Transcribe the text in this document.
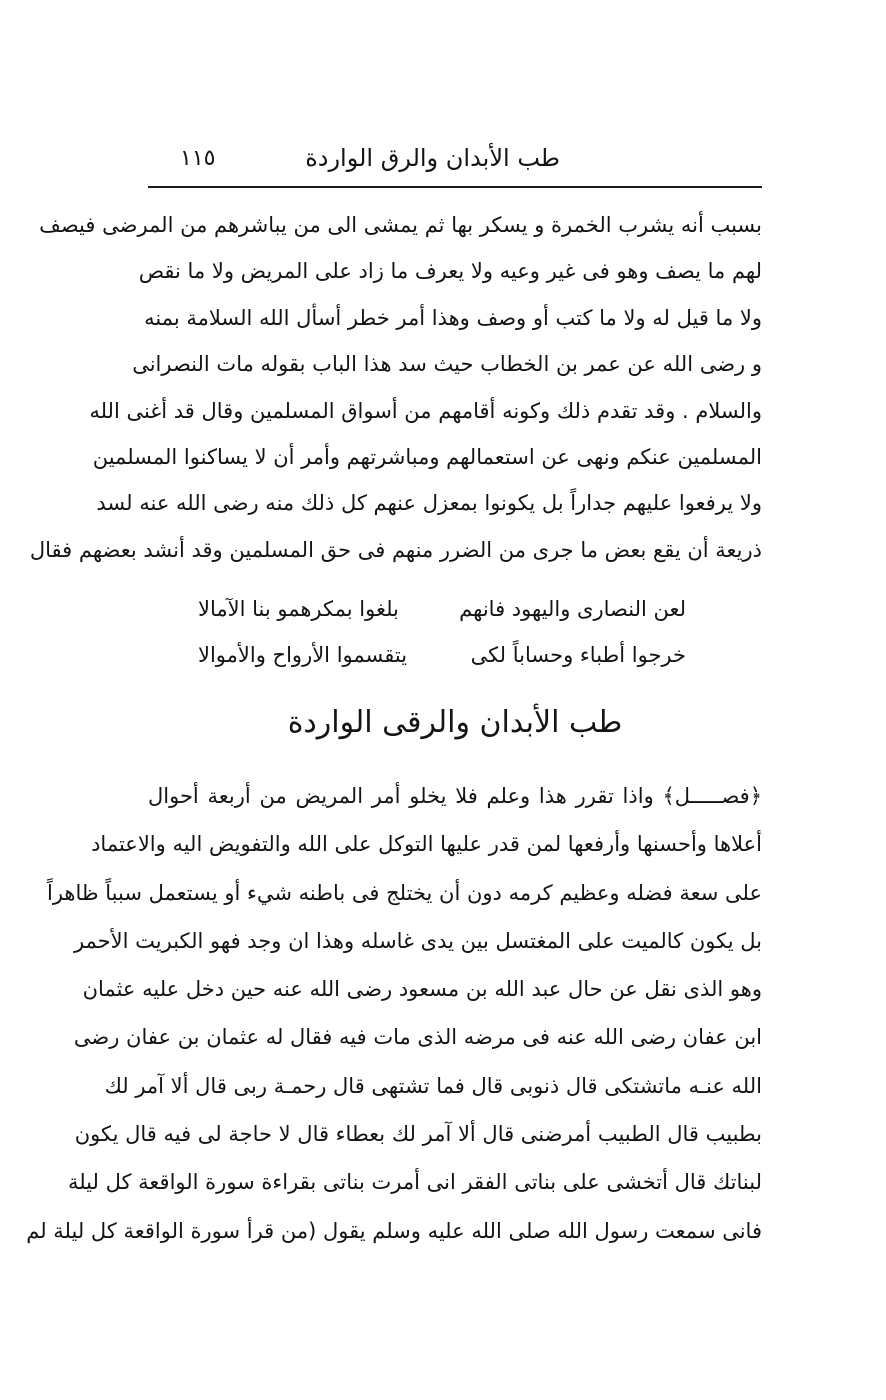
طب الأبدان والرق الواردة
١١٥
بسبب أنه يشرب الخمرة و يسكر بها ثم يمشى الى من يباشرهم من المرضى فيصف
لهم ما يصف وهو فى غير وعيه ولا يعرف ما زاد على المريض ولا ما نقص
ولا ما قيل له ولا ما كتب أو وصف وهذا أمر خطر أسأل الله السلامة بمنه
و رضى الله عن عمر بن الخطاب حيث سد هذا الباب بقوله مات النصرانى
والسلام . وقد تقدم ذلك وكونه أقامهم من أسواق المسلمين وقال قد أغنى الله
المسلمين عنكم ونهى عن استعمالهم ومباشرتهم وأمر أن لا يساكنوا المسلمين
ولا يرفعوا عليهم جداراً بل يكونوا بمعزل عنهم كل ذلك منه رضى الله عنه لسد
ذريعة أن يقع بعض ما جرى من الضرر منهم فى حق المسلمين وقد أنشد بعضهم فقال
لعن النصارى واليهود فانهم
بلغوا بمكرهمو بنا الآمالا
خرجوا أطباء وحساباً لكى
يتقسموا الأرواح والأموالا
طب الأبدان والرقى الواردة
﴿فصـــــل﴾ واذا تقرر هذا وعلم فلا يخلو أمر المريض من أربعة أحوال
أعلاها وأحسنها وأرفعها لمن قدر عليها التوكل على الله والتفويض اليه والاعتماد
على سعة فضله وعظيم كرمه دون أن يختلج فى باطنه شيء أو يستعمل سبباً ظاهراً
بل يكون كالميت على المغتسل بين يدى غاسله وهذا ان وجد فهو الكبريت الأحمر
وهو الذى نقل عن حال عبد الله بن مسعود رضى الله عنه حين دخل عليه عثمان
ابن عفان رضى الله عنه فى مرضه الذى مات فيه فقال له عثمان بن عفان رضى
الله عنـه ماتشتكى قال ذنوبى قال فما تشتهى قال رحمـة ربى قال ألا آمر لك
بطبيب قال الطبيب أمرضنى قال ألا آمر لك بعطاء قال لا حاجة لى فيه قال يكون
لبناتك قال أتخشى على بناتى الفقر انى أمرت بناتى بقراءة سورة الواقعة كل ليلة
فانى سمعت رسول الله صلى الله عليه وسلم يقول (من قرأ سورة الواقعة كل ليلة لم
